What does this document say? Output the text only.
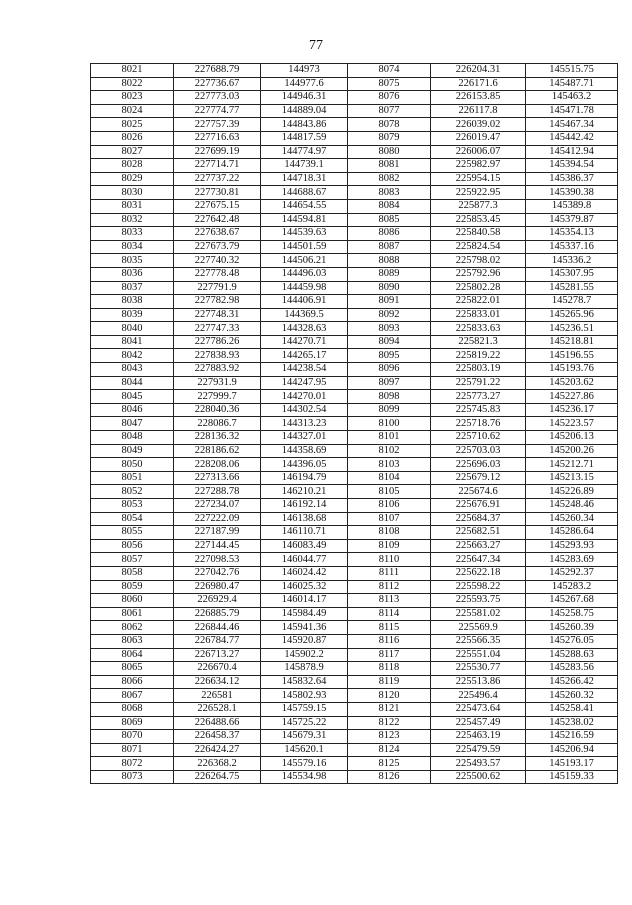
77
8021	227688.79	144973	8074	226204.31	145515.75
8022	227736.67	144977.6	8075	226171.6	145487.71
8023	227773.03	144946.31	8076	226153.85	145463.2
8024	227774.77	144889.04	8077	226117.8	145471.78
8025	227757.39	144843.86	8078	226039.02	145467.34
8026	227716.63	144817.59	8079	226019.47	145442.42
8027	227699.19	144774.97	8080	226006.07	145412.94
8028	227714.71	144739.1	8081	225982.97	145394.54
8029	227737.22	144718.31	8082	225954.15	145386.37
8030	227730.81	144688.67	8083	225922.95	145390.38
8031	227675.15	144654.55	8084	225877.3	145389.8
8032	227642.48	144594.81	8085	225853.45	145379.87
8033	227638.67	144539.63	8086	225840.58	145354.13
8034	227673.79	144501.59	8087	225824.54	145337.16
8035	227740.32	144506.21	8088	225798.02	145336.2
8036	227778.48	144496.03	8089	225792.96	145307.95
8037	227791.9	144459.98	8090	225802.28	145281.55
8038	227782.98	144406.91	8091	225822.01	145278.7
8039	227748.31	144369.5	8092	225833.01	145265.96
8040	227747.33	144328.63	8093	225833.63	145236.51
8041	227786.26	144270.71	8094	225821.3	145218.81
8042	227838.93	144265.17	8095	225819.22	145196.55
8043	227883.92	144238.54	8096	225803.19	145193.76
8044	227931.9	144247.95	8097	225791.22	145203.62
8045	227999.7	144270.01	8098	225773.27	145227.86
8046	228040.36	144302.54	8099	225745.83	145236.17
8047	228086.7	144313.23	8100	225718.76	145223.57
8048	228136.32	144327.01	8101	225710.62	145206.13
8049	228186.62	144358.69	8102	225703.03	145200.26
8050	228208.06	144396.05	8103	225696.03	145212.71
8051	227313.66	146194.79	8104	225679.12	145213.15
8052	227288.78	146210.21	8105	225674.6	145226.89
8053	227234.07	146192.14	8106	225676.91	145248.46
8054	227222.09	146138.68	8107	225684.37	145260.34
8055	227187.99	146110.71	8108	225682.51	145286.64
8056	227144.45	146083.49	8109	225663.27	145293.93
8057	227098.53	146044.77	8110	225647.34	145283.69
8058	227042.76	146024.42	8111	225622.18	145292.37
8059	226980.47	146025.32	8112	225598.22	145283.2
8060	226929.4	146014.17	8113	225593.75	145267.68
8061	226885.79	145984.49	8114	225581.02	145258.75
8062	226844.46	145941.36	8115	225569.9	145260.39
8063	226784.77	145920.87	8116	225566.35	145276.05
8064	226713.27	145902.2	8117	225551.04	145288.63
8065	226670.4	145878.9	8118	225530.77	145283.56
8066	226634.12	145832.64	8119	225513.86	145266.42
8067	226581	145802.93	8120	225496.4	145260.32
8068	226528.1	145759.15	8121	225473.64	145258.41
8069	226488.66	145725.22	8122	225457.49	145238.02
8070	226458.37	145679.31	8123	225463.19	145216.59
8071	226424.27	145620.1	8124	225479.59	145206.94
8072	226368.2	145579.16	8125	225493.57	145193.17
8073	226264.75	145534.98	8126	225500.62	145159.33
